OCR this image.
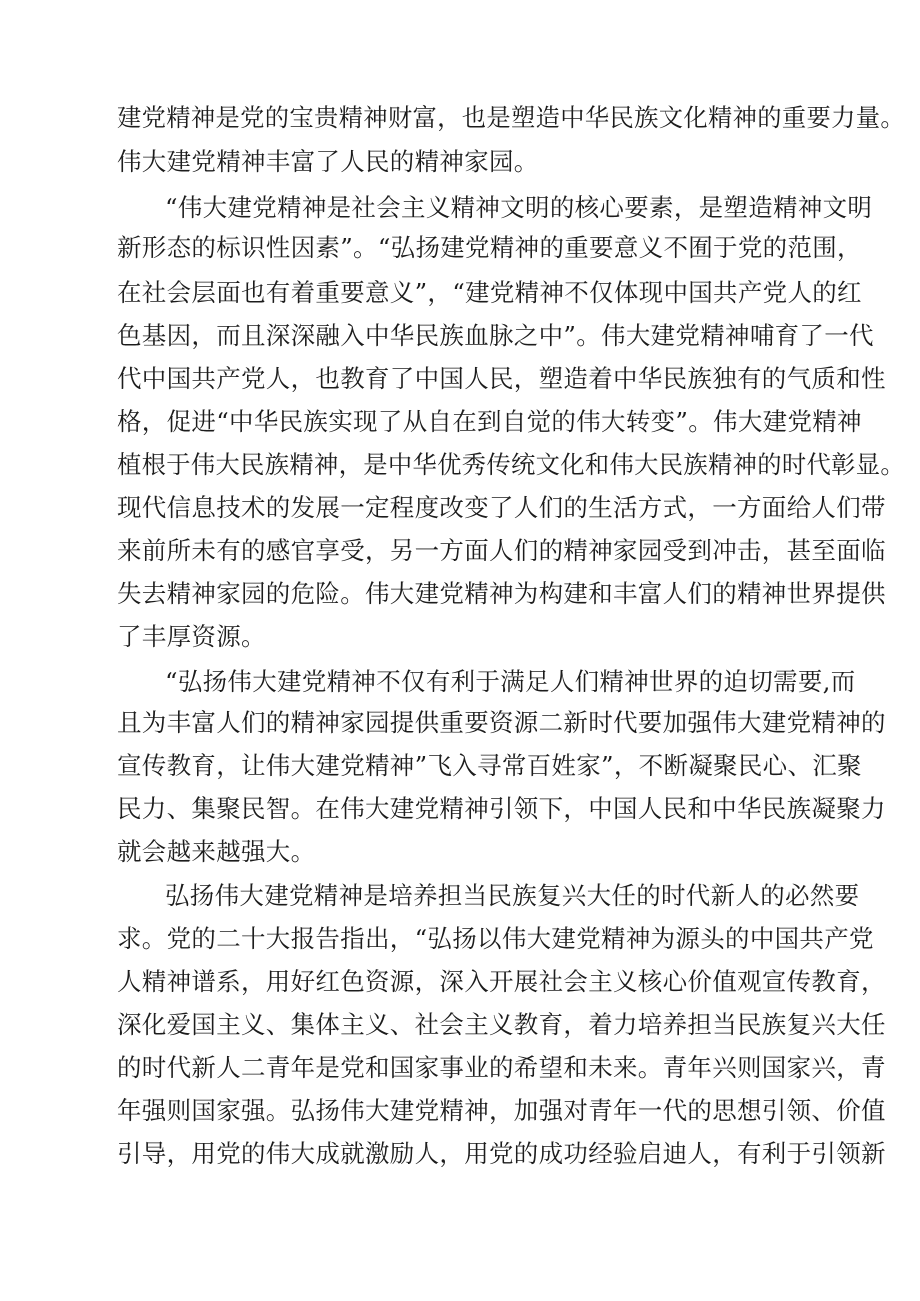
建党精神是党的宝贵精神财富，也是塑造中华民族文化精神的重要力量。
伟大建党精神丰富了人民的精神家园。
“伟大建党精神是社会主义精神文明的核心要素，是塑造精神文明
新形态的标识性因素”。“弘扬建党精神的重要意义不囿于党的范围，
在社会层面也有着重要意义”，“建党精神不仅体现中国共产党人的红
色基因，而且深深融入中华民族血脉之中”。伟大建党精神哺育了一代
代中国共产党人，也教育了中国人民，塑造着中华民族独有的气质和性
格，促进“中华民族实现了从自在到自觉的伟大转变”。伟大建党精神
植根于伟大民族精神，是中华优秀传统文化和伟大民族精神的时代彰显。
现代信息技术的发展一定程度改变了人们的生活方式，一方面给人们带
来前所未有的感官享受，另一方面人们的精神家园受到冲击，甚至面临
失去精神家园的危险。伟大建党精神为构建和丰富人们的精神世界提供
了丰厚资源。
“弘扬伟大建党精神不仅有利于满足人们精神世界的迫切需要,而
且为丰富人们的精神家园提供重要资源二新时代要加强伟大建党精神的
宣传教育，让伟大建党精神”飞入寻常百姓家”，不断凝聚民心、汇聚
民力、集聚民智。在伟大建党精神引领下，中国人民和中华民族凝聚力
就会越来越强大。
弘扬伟大建党精神是培养担当民族复兴大任的时代新人的必然要
求。党的二十大报告指出，“弘扬以伟大建党精神为源头的中国共产党
人精神谱系，用好红色资源，深入开展社会主义核心价值观宣传教育，
深化爱国主义、集体主义、社会主义教育，着力培养担当民族复兴大任
的时代新人二青年是党和国家事业的希望和未来。青年兴则国家兴，青
年强则国家强。弘扬伟大建党精神，加强对青年一代的思想引领、价值
引导，用党的伟大成就激励人，用党的成功经验启迪人，有利于引领新
